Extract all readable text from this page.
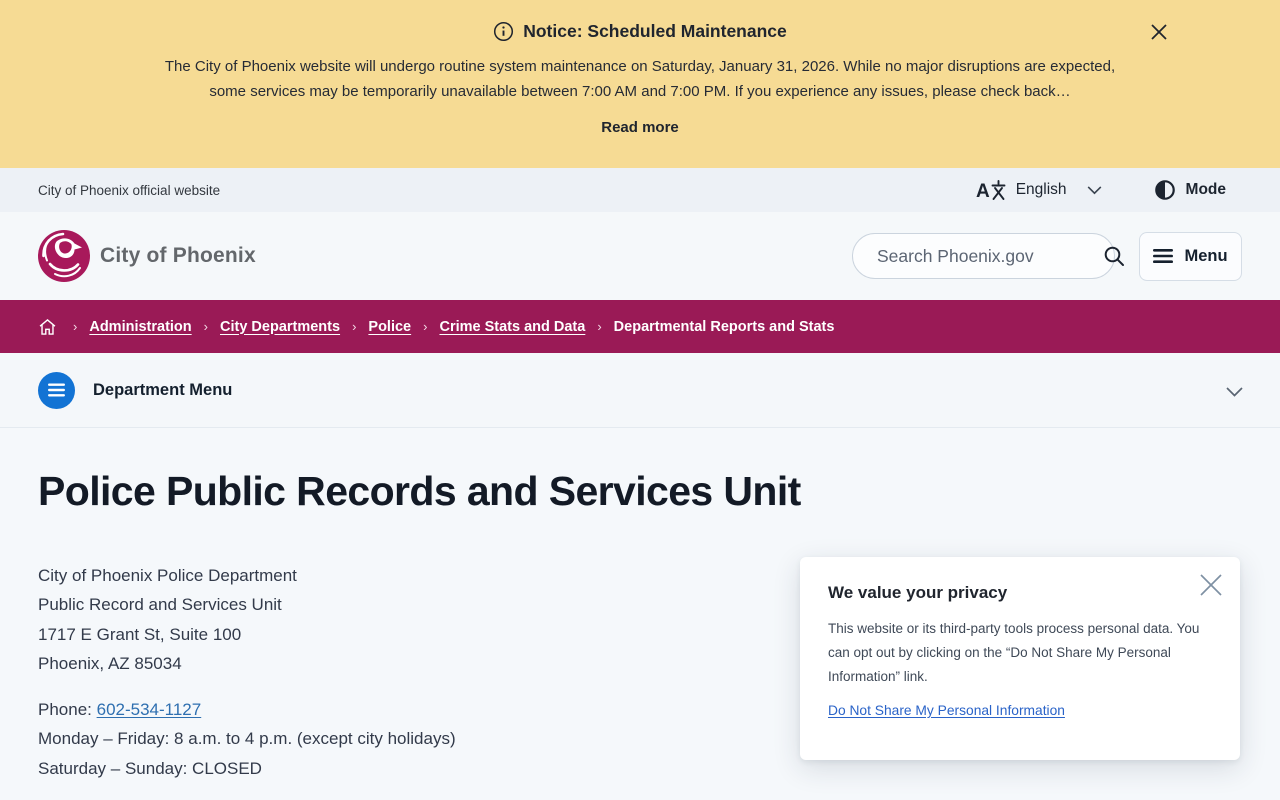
Notice: Scheduled Maintenance

The City of Phoenix website will undergo routine system maintenance on Saturday, January 31, 2026. While no major disruptions are expected, some services may be temporarily unavailable between 7:00 AM and 7:00 PM. If you experience any issues, please check back…

Read more
City of Phoenix official website	A English	Mode
City of Phoenix
Search Phoenix.gov	Menu
› Administration › City Departments › Police › Crime Stats and Data › Departmental Reports and Stats
Department Menu
Police Public Records and Services Unit
City of Phoenix Police Department
Public Record and Services Unit
1717 E Grant St, Suite 100
Phoenix, AZ 85034
Phone: 602-534-1127
Monday – Friday: 8 a.m. to 4 p.m. (except city holidays)
Saturday – Sunday: CLOSED
We value your privacy

This website or its third-party tools process personal data. You can opt out by clicking on the “Do Not Share My Personal Information” link.

Do Not Share My Personal Information
